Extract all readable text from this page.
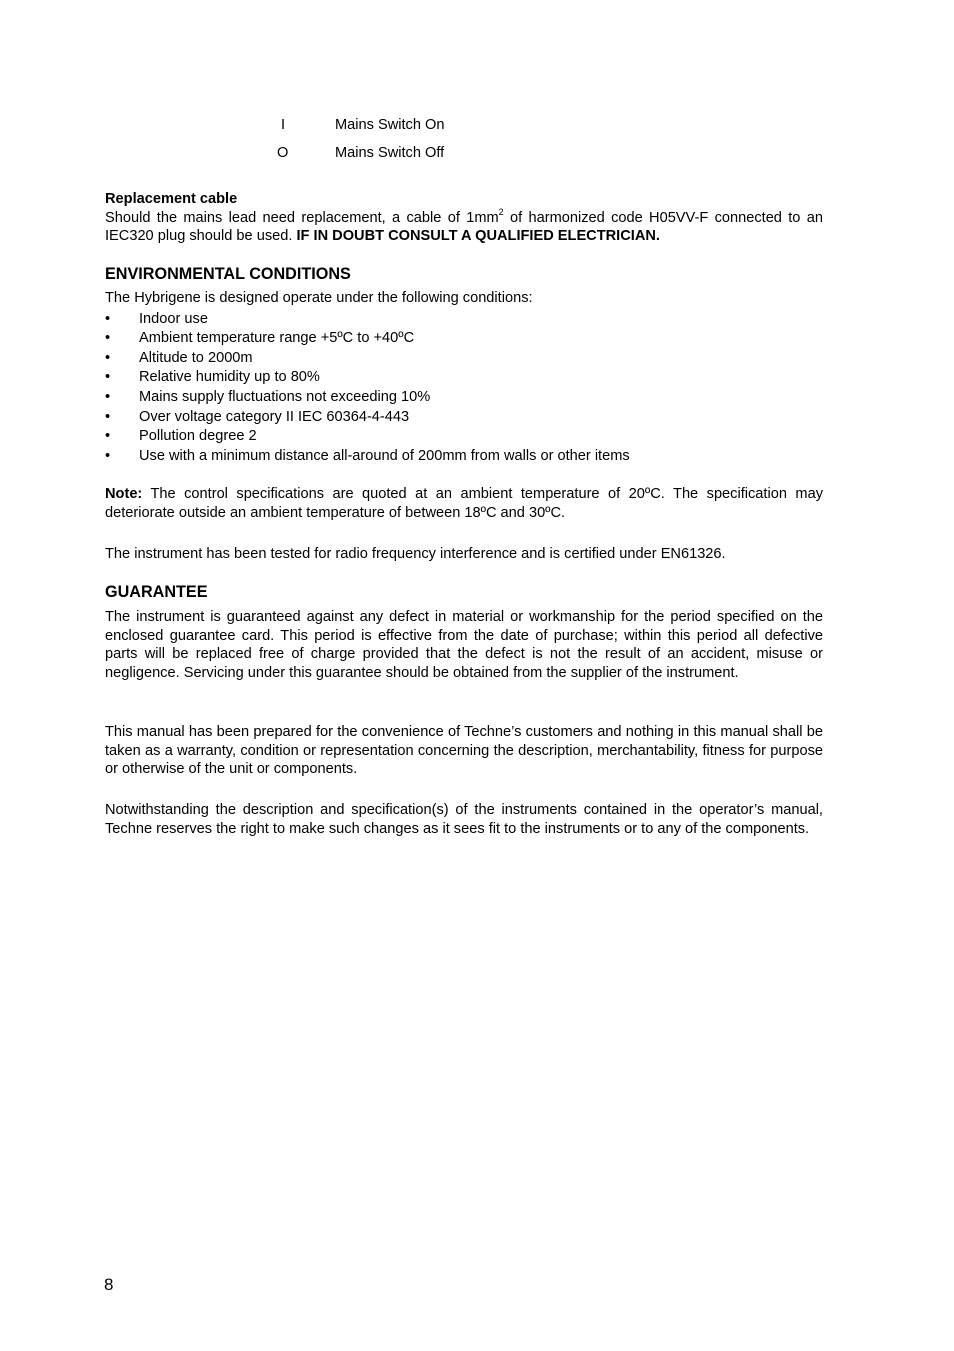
I	Mains Switch On
O	Mains Switch Off

Replacement cable

Should the mains lead need replacement, a cable of $1mm^2$ of harmonized code H05VV-F connected to an IEC320 plug should be used. IF IN DOUBT CONSULT A QUALIFIED ELECTRICIAN.

ENVIRONMENTAL CONDITIONS

The Hybrigene is designed operate under the following conditions:

• Indoor use
• Ambient temperature range +5ºC to +40ºC
• Altitude to 2000m
• Relative humidity up to 80%
• Mains supply fluctuations not exceeding 10%
• Over voltage category II IEC 60364-4-443
• Pollution degree 2
• Use with a minimum distance all-around of 200mm from walls or other items
Note: The control specifications are quoted at an ambient temperature of 20ºC. The specification may deteriorate outside an ambient temperature of between 18ºC and 30ºC.
The instrument has been tested for radio frequency interference and is certified under EN61326.
GUARANTEE
The instrument is guaranteed against any defect in material or workmanship for the period specified on the enclosed guarantee card. This period is effective from the date of purchase; within this period all defective parts will be replaced free of charge provided that the defect is not the result of an accident, misuse or negligence. Servicing under this guarantee should be obtained from the supplier of the instrument.
This manual has been prepared for the convenience of Techne’s customers and nothing in this manual shall be taken as a warranty, condition or representation concerning the description, merchantability, fitness for purpose or otherwise of the unit or components.
Notwithstanding the description and specification(s) of the instruments contained in the operator’s manual, Techne reserves the right to make such changes as it sees fit to the instruments or to any of the components.
8
